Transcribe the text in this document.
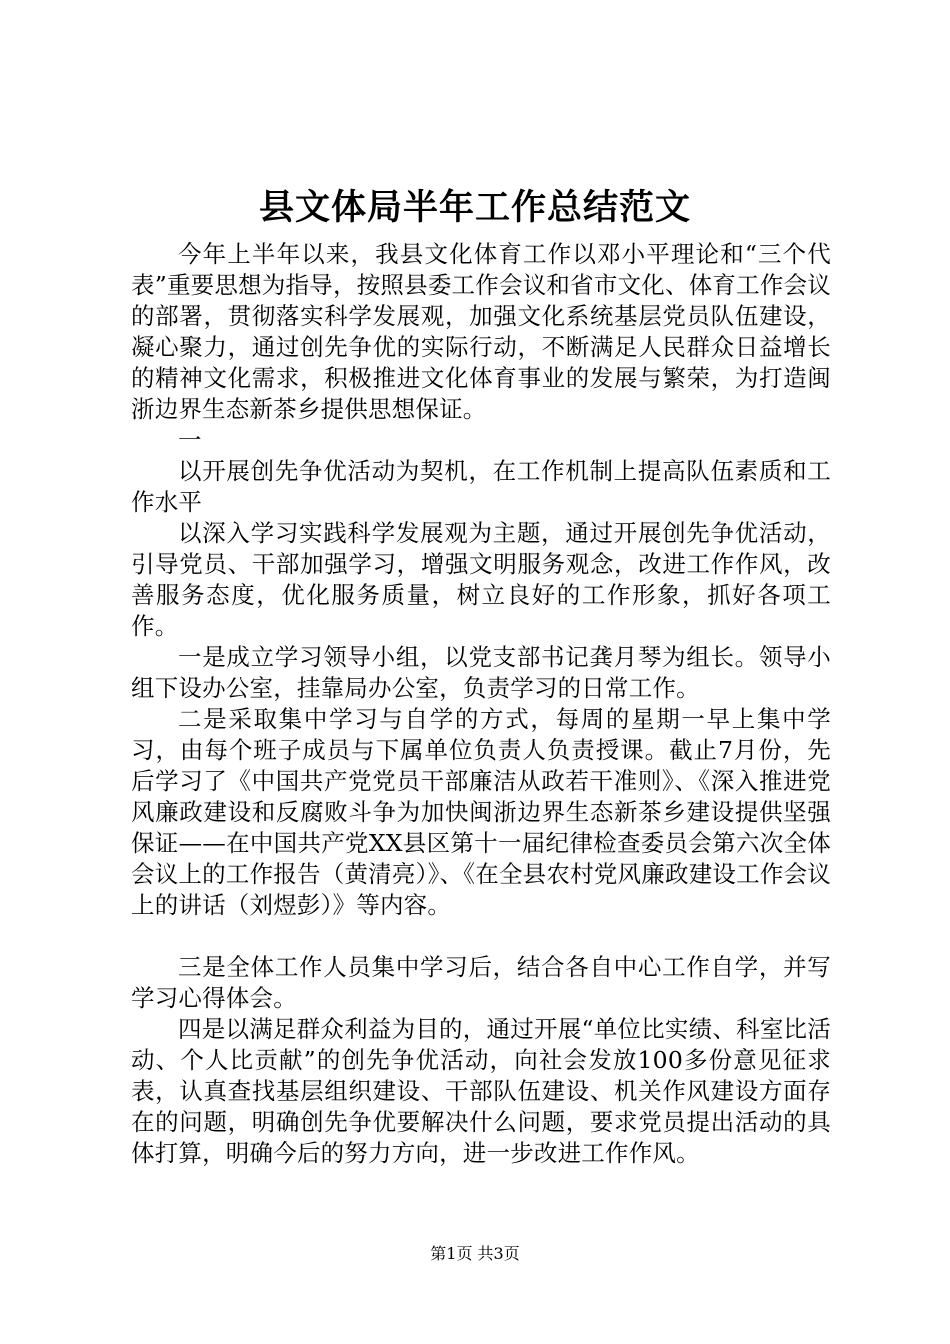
县文体局半年工作总结范文

今年上半年以来，我县文化体育工作以邓小平理论和“三个代表”重要思想为指导，按照县委工作会议和省市文化、体育工作会议的部署，贯彻落实科学发展观，加强文化系统基层党员队伍建设，凝心聚力，通过创先争优的实际行动，不断满足人民群众日益增长的精神文化需求，积极推进文化体育事业的发展与繁荣，为打造闽浙边界生态新茶乡提供思想保证。

一

以开展创先争优活动为契机，在工作机制上提高队伍素质和工作水平

以深入学习实践科学发展观为主题，通过开展创先争优活动，引导党员、干部加强学习，增强文明服务观念，改进工作作风，改善服务态度，优化服务质量，树立良好的工作形象，抓好各项工作。

一是成立学习领导小组，以党支部书记龚月琴为组长。领导小组下设办公室，挂靠局办公室，负责学习的日常工作。

二是采取集中学习与自学的方式，每周的星期一早上集中学习，由每个班子成员与下属单位负责人负责授课。截止7月份，先后学习了《中国共产党党员干部廉洁从政若干准则》、《深入推进党风廉政建设和反腐败斗争为加快闽浙边界生态新茶乡建设提供坚强保证——在中国共产党XX县区第十一届纪律检查委员会第六次全体会议上的工作报告（黄清亮）》、《在全县农村党风廉政建设工作会议上的讲话（刘煜彭）》等内容。

三是全体工作人员集中学习后，结合各自中心工作自学，并写学习心得体会。

四是以满足群众利益为目的，通过开展“单位比实绩、科室比活动、个人比贡献”的创先争优活动，向社会发放100多份意见征求表，认真查找基层组织建设、干部队伍建设、机关作风建设方面存在的问题，明确创先争优要解决什么问题，要求党员提出活动的具体打算，明确今后的努力方向，进一步改进工作作风。

第1页 共3页
